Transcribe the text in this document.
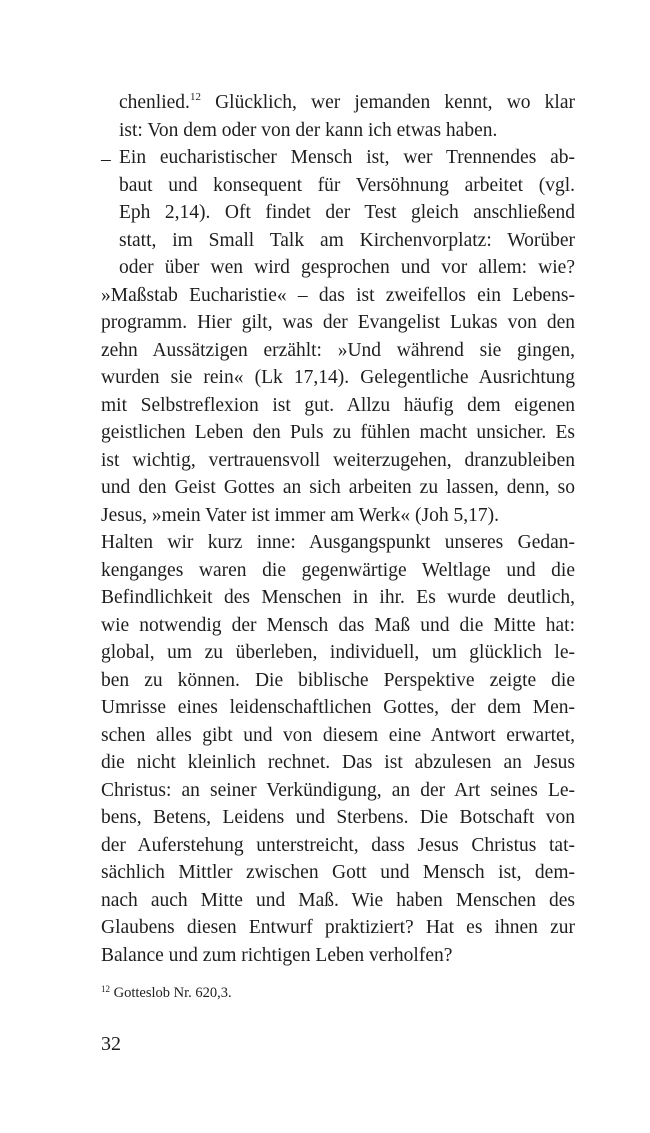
chenlied.$^{12}$ Glücklich, wer jemanden kennt, wo klar
ist: Von dem oder von der kann ich etwas haben.
Ein eucharistischer Mensch ist, wer Trennendes ab-
baut und konsequent für Versöhnung arbeitet (vgl.
Eph 2,14). Oft findet der Test gleich anschließend
statt, im Small Talk am Kirchenvorplatz: Worüber
oder über wen wird gesprochen und vor allem: wie?
»Maßstab Eucharistie« – das ist zweifellos ein Lebens-
programm. Hier gilt, was der Evangelist Lukas von den
zehn Aussätzigen erzählt: »Und während sie gingen,
wurden sie rein« (Lk 17,14). Gelegentliche Ausrichtung
mit Selbstreflexion ist gut. Allzu häufig dem eigenen
geistlichen Leben den Puls zu fühlen macht unsicher. Es
ist wichtig, vertrauensvoll weiterzugehen, dranzubleiben
und den Geist Gottes an sich arbeiten zu lassen, denn, so
Jesus, »mein Vater ist immer am Werk« (Joh 5,17).
Halten wir kurz inne: Ausgangspunkt unseres Gedan-
kenganges waren die gegenwärtige Weltlage und die
Befindlichkeit des Menschen in ihr. Es wurde deutlich,
wie notwendig der Mensch das Maß und die Mitte hat:
global, um zu überleben, individuell, um glücklich le-
ben zu können. Die biblische Perspektive zeigte die
Umrisse eines leidenschaftlichen Gottes, der dem Men-
schen alles gibt und von diesem eine Antwort erwartet,
die nicht kleinlich rechnet. Das ist abzulesen an Jesus
Christus: an seiner Verkündigung, an der Art seines Le-
bens, Betens, Leidens und Sterbens. Die Botschaft von
der Auferstehung unterstreicht, dass Jesus Christus tat-
sächlich Mittler zwischen Gott und Mensch ist, dem-
nach auch Mitte und Maß. Wie haben Menschen des
Glaubens diesen Entwurf praktiziert? Hat es ihnen zur
Balance und zum richtigen Leben verholfen?
–
$^{12}$ Gotteslob Nr. 620,3.
32
